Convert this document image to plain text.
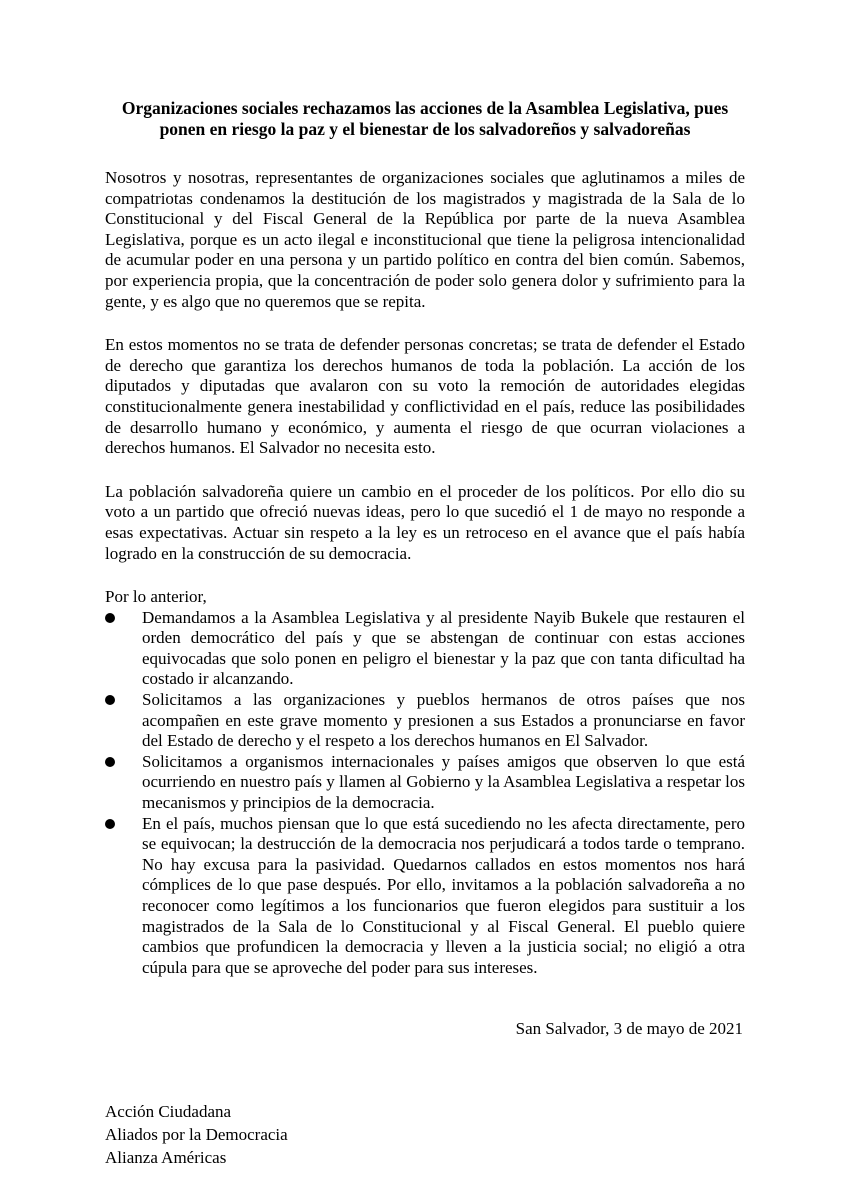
Organizaciones sociales rechazamos las acciones de la Asamblea Legislativa, pues ponen en riesgo la paz y el bienestar de los salvadoreños y salvadoreñas

Nosotros y nosotras, representantes de organizaciones sociales que aglutinamos a miles de compatriotas condenamos la destitución de los magistrados y magistrada de la Sala de lo Constitucional y del Fiscal General de la República por parte de la nueva Asamblea Legislativa, porque es un acto ilegal e inconstitucional que tiene la peligrosa intencionalidad de acumular poder en una persona y un partido político en contra del bien común. Sabemos, por experiencia propia, que la concentración de poder solo genera dolor y sufrimiento para la gente, y es algo que no queremos que se repita.

En estos momentos no se trata de defender personas concretas; se trata de defender el Estado de derecho que garantiza los derechos humanos de toda la población. La acción de los diputados y diputadas que avalaron con su voto la remoción de autoridades elegidas constitucionalmente genera inestabilidad y conflictividad en el país, reduce las posibilidades de desarrollo humano y económico, y aumenta el riesgo de que ocurran violaciones a derechos humanos. El Salvador no necesita esto.

La población salvadoreña quiere un cambio en el proceder de los políticos. Por ello dio su voto a un partido que ofreció nuevas ideas, pero lo que sucedió el 1 de mayo no responde a esas expectativas. Actuar sin respeto a la ley es un retroceso en el avance que el país había logrado en la construcción de su democracia.

Por lo anterior,

Demandamos a la Asamblea Legislativa y al presidente Nayib Bukele que restauren el orden democrático del país y que se abstengan de continuar con estas acciones equivocadas que solo ponen en peligro el bienestar y la paz que con tanta dificultad ha costado ir alcanzando.
Solicitamos a las organizaciones y pueblos hermanos de otros países que nos acompañen en este grave momento y presionen a sus Estados a pronunciarse en favor del Estado de derecho y el respeto a los derechos humanos en El Salvador.
Solicitamos a organismos internacionales y países amigos que observen lo que está ocurriendo en nuestro país y llamen al Gobierno y la Asamblea Legislativa a respetar los mecanismos y principios de la democracia.
En el país, muchos piensan que lo que está sucediendo no les afecta directamente, pero se equivocan; la destrucción de la democracia nos perjudicará a todos tarde o temprano. No hay excusa para la pasividad. Quedarnos callados en estos momentos nos hará cómplices de lo que pase después. Por ello, invitamos a la población salvadoreña a no reconocer como legítimos a los funcionarios que fueron elegidos para sustituir a los magistrados de la Sala de lo Constitucional y al Fiscal General. El pueblo quiere cambios que profundicen la democracia y lleven a la justicia social; no eligió a otra cúpula para que se aproveche del poder para sus intereses.

San Salvador, 3 de mayo de 2021

Acción Ciudadana
Aliados por la Democracia
Alianza Américas
